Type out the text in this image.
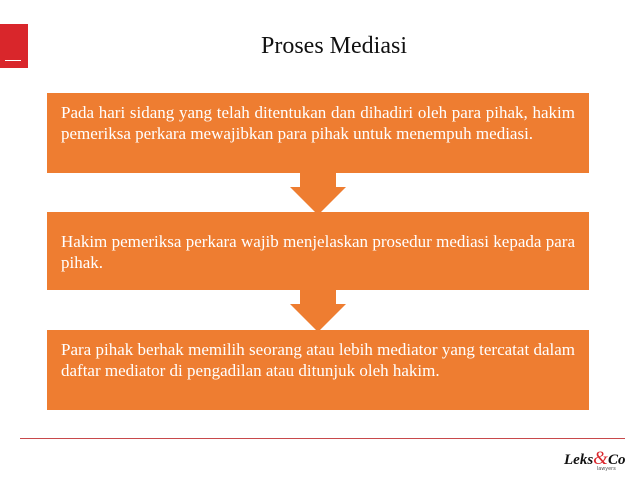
Proses Mediasi
Pada hari sidang yang telah ditentukan dan dihadiri oleh para pihak, hakim pemeriksa perkara mewajibkan para pihak untuk menempuh mediasi.
Hakim pemeriksa perkara wajib menjelaskan prosedur mediasi kepada para pihak.
Para pihak berhak memilih seorang atau lebih mediator yang tercatat dalam daftar mediator di pengadilan atau ditunjuk oleh hakim.
Leks&Co
lawyers
